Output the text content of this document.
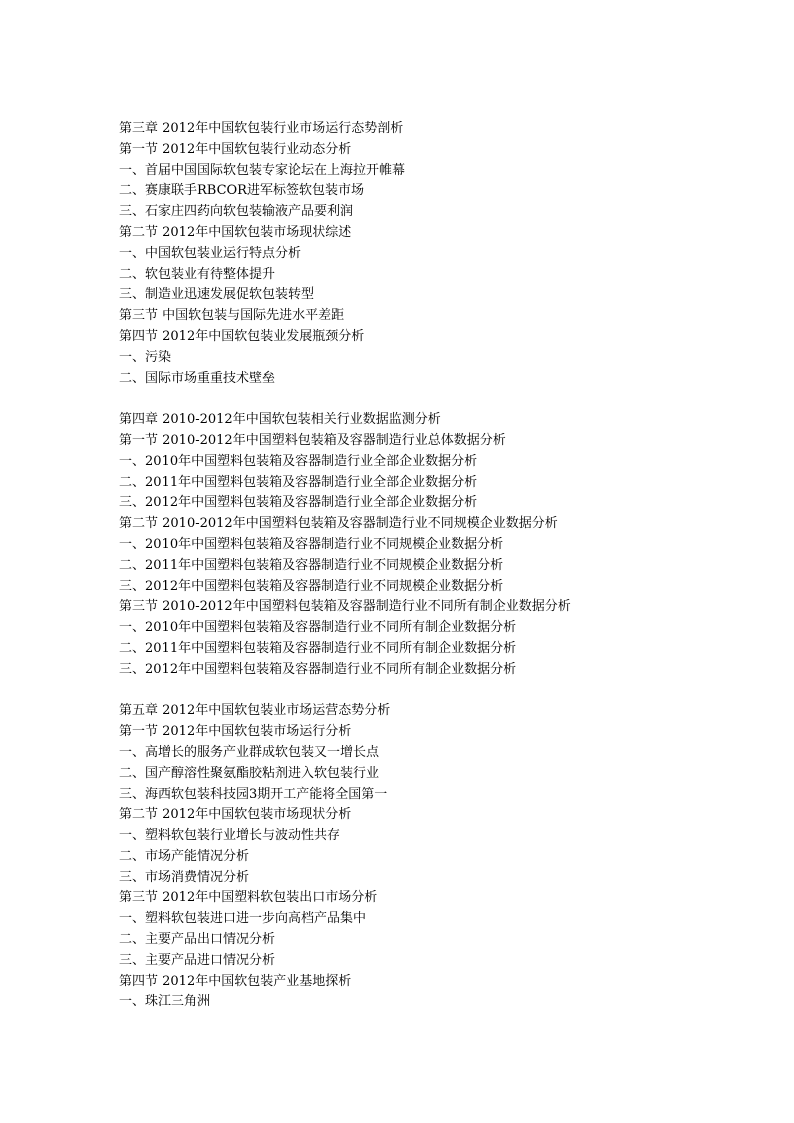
第三章 2012年中国软包装行业市场运行态势剖析
第一节 2012年中国软包装行业动态分析
一、首届中国国际软包装专家论坛在上海拉开帷幕
二、赛康联手RBCOR进军标签软包装市场
三、石家庄四药向软包装输液产品要利润
第二节 2012年中国软包装市场现状综述
一、中国软包装业运行特点分析
二、软包装业有待整体提升
三、制造业迅速发展促软包装转型
第三节 中国软包装与国际先进水平差距
第四节 2012年中国软包装业发展瓶颈分析
一、污染
二、国际市场重重技术壁垒
第四章 2010-2012年中国软包装相关行业数据监测分析
第一节 2010-2012年中国塑料包装箱及容器制造行业总体数据分析
一、2010年中国塑料包装箱及容器制造行业全部企业数据分析
二、2011年中国塑料包装箱及容器制造行业全部企业数据分析
三、2012年中国塑料包装箱及容器制造行业全部企业数据分析
第二节 2010-2012年中国塑料包装箱及容器制造行业不同规模企业数据分析
一、2010年中国塑料包装箱及容器制造行业不同规模企业数据分析
二、2011年中国塑料包装箱及容器制造行业不同规模企业数据分析
三、2012年中国塑料包装箱及容器制造行业不同规模企业数据分析
第三节 2010-2012年中国塑料包装箱及容器制造行业不同所有制企业数据分析
一、2010年中国塑料包装箱及容器制造行业不同所有制企业数据分析
二、2011年中国塑料包装箱及容器制造行业不同所有制企业数据分析
三、2012年中国塑料包装箱及容器制造行业不同所有制企业数据分析
第五章 2012年中国软包装业市场运营态势分析
第一节 2012年中国软包装市场运行分析
一、高增长的服务产业群成软包装又一增长点
二、国产醇溶性聚氨酯胶粘剂进入软包装行业
三、海西软包装科技园3期开工产能将全国第一
第二节 2012年中国软包装市场现状分析
一、塑料软包装行业增长与波动性共存
二、市场产能情况分析
三、市场消费情况分析
第三节 2012年中国塑料软包装出口市场分析
一、塑料软包装进口进一步向高档产品集中
二、主要产品出口情况分析
三、主要产品进口情况分析
第四节 2012年中国软包装产业基地探析
一、珠江三角洲
